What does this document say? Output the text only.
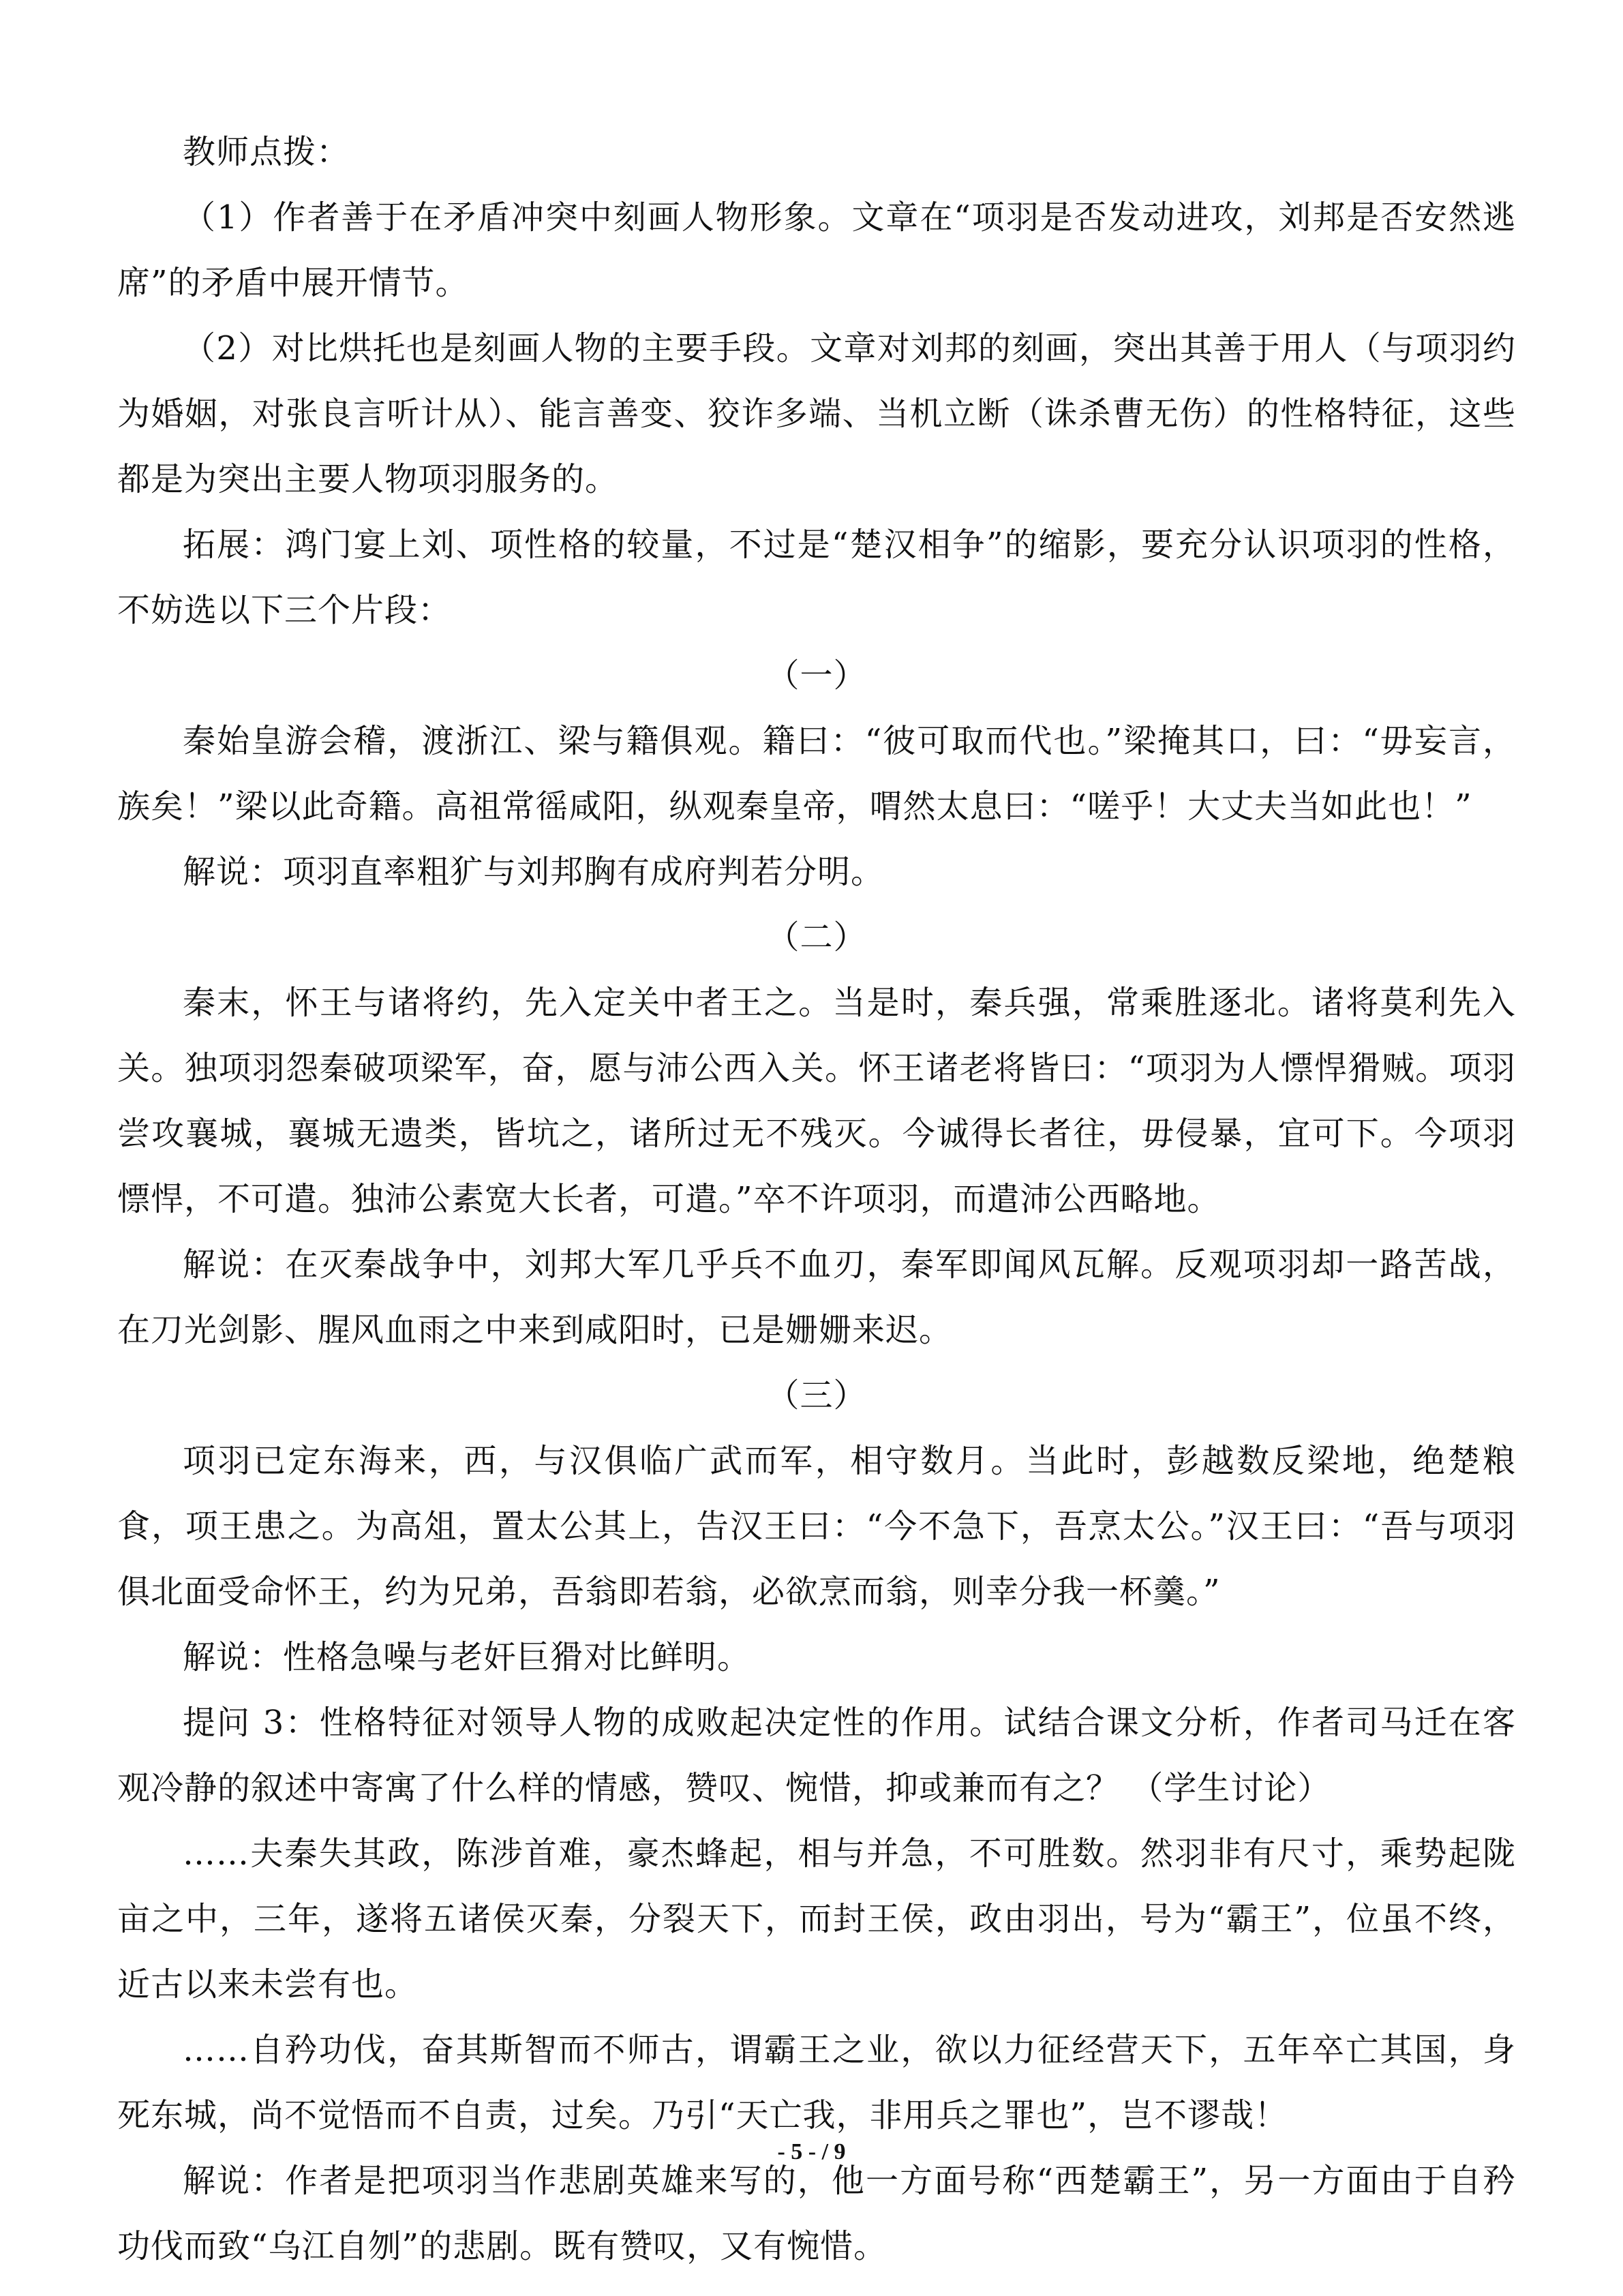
教师点拨：

（1）作者善于在矛盾冲突中刻画人物形象。文章在“项羽是否发动进攻，刘邦是否安然逃席”的矛盾中展开情节。

（2）对比烘托也是刻画人物的主要手段。文章对刘邦的刻画，突出其善于用人（与项羽约为婚姻，对张良言听计从）、能言善变、狡诈多端、当机立断（诛杀曹无伤）的性格特征，这些都是为突出主要人物项羽服务的。

拓展：鸿门宴上刘、项性格的较量，不过是“楚汉相争”的缩影，要充分认识项羽的性格，不妨选以下三个片段：

（一）

秦始皇游会稽，渡浙江、梁与籍俱观。籍曰：“彼可取而代也。”梁掩其口，曰：“毋妄言，族矣！”梁以此奇籍。高祖常徭咸阳，纵观秦皇帝，喟然太息曰：“嗟乎！大丈夫当如此也！”

解说：项羽直率粗犷与刘邦胸有成府判若分明。

（二）

秦末，怀王与诸将约，先入定关中者王之。当是时，秦兵强，常乘胜逐北。诸将莫利先入关。独项羽怨秦破项梁军，奋，愿与沛公西入关。怀王诸老将皆曰：“项羽为人慓悍猾贼。项羽尝攻襄城，襄城无遗类，皆坑之，诸所过无不残灭。今诚得长者往，毋侵暴，宜可下。今项羽慓悍，不可遣。独沛公素宽大长者，可遣。”卒不许项羽，而遣沛公西略地。

解说：在灭秦战争中，刘邦大军几乎兵不血刃，秦军即闻风瓦解。反观项羽却一路苦战，在刀光剑影、腥风血雨之中来到咸阳时，已是姗姗来迟。

（三）

项羽已定东海来，西，与汉俱临广武而军，相守数月。当此时，彭越数反梁地，绝楚粮食，项王患之。为高俎，置太公其上，告汉王曰：“今不急下，吾烹太公。”汉王曰：“吾与项羽俱北面受命怀王，约为兄弟，吾翁即若翁，必欲烹而翁，则幸分我一杯羹。”

解说：性格急噪与老奸巨猾对比鲜明。

提问 3：性格特征对领导人物的成败起决定性的作用。试结合课文分析，作者司马迁在客观冷静的叙述中寄寓了什么样的情感，赞叹、惋惜，抑或兼而有之？ （学生讨论）

……夫秦失其政，陈涉首难，豪杰蜂起，相与并急，不可胜数。然羽非有尺寸，乘势起陇亩之中，三年，遂将五诸侯灭秦，分裂天下，而封王侯，政由羽出，号为“霸王”，位虽不终，近古以来未尝有也。

……自矜功伐，奋其斯智而不师古，谓霸王之业，欲以力征经营天下，五年卒亡其国，身死东城，尚不觉悟而不自责，过矣。乃引“天亡我，非用兵之罪也”，岂不谬哉！

解说：作者是把项羽当作悲剧英雄来写的，他一方面号称“西楚霸王”，另一方面由于自矜功伐而致“乌江自刎”的悲剧。既有赞叹，又有惋惜。

- 5 - / 9
